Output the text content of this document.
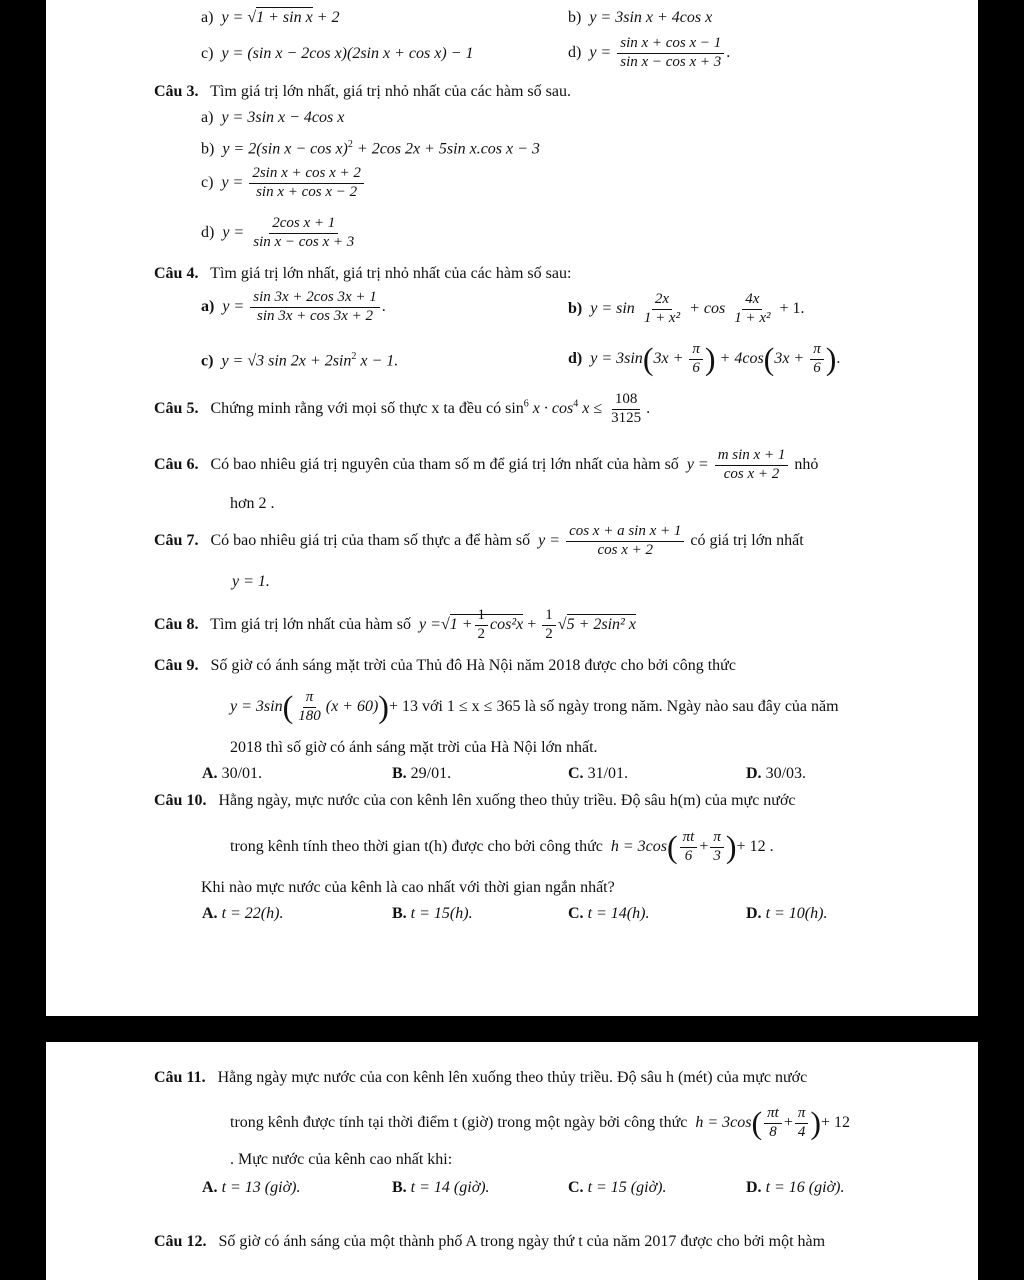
a) y = √1 + sin x + 2	b) y = 3sin x + 4cos x
c) y = (sin x − 2cos x)(2sin x + cos x) − 1	d) $y = \frac{\text{sin x + cos x − 1}}{\text{sin x − cos x + 3}}$ .
Câu 3. Tìm giá trị lớn nhất, giá trị nhỏ nhất của các hàm số sau.
a) y = 3sin x − 4cos x
b) y = 2(sin x − cos x)$^2$ + 2cos 2x + 5sin x.cos x − 3
c) $y = \frac{\text{2sin x + cos x + 2}}{\text{sin x + cos x − 2}}$
d) $y = \frac{\text{2cos x + 1}}{\text{sin x − cos x + 3}}$
Câu 4. Tìm giá trị lớn nhất, giá trị nhỏ nhất của các hàm số sau:
a) $y = \frac{\sin 3x + 2\cos 3x + 1}{\sin 3x + \cos 3x + 2}$ .	b) $y = \sin \frac{2x}{\text{1 + x²}} + \cos \frac{4x}{\text{1 + x²}} + 1$.
c) y = √3 $\sin 2x + 2\sin^2$ x − 1.	d) $y = 3\sin(3x + \frac{\pi}{6}$ ) + $4\cos(3x + \frac{\pi}{6}$ ).
Câu 5. Chứng minh rằng với mọi số thực x ta đều có $\sin^6 x \cdot \cos^4 x \le \frac{108}{3125}$ .
Câu 6. Có bao nhiêu giá trị nguyên của tham số m để giá trị lớn nhất của hàm số $y = \frac{\text{m sin x + 1}}{\text{cos x + 2}}$ nhỏ
hơn 2 .
Câu 7. Có bao nhiêu giá trị của tham số thực a để hàm số $y = \frac{\text{cos x + a sin x + 1}}{\text{cos x + 2}}$ có giá trị lớn nhất
y = 1.
Câu 8. Tìm giá trị lớn nhất của hàm số $y =√1 + \frac{1}{2} \cos^2x + \frac{1}{2} √5 + 2\sin^2$ x
Câu 9. Số giờ có ánh sáng mặt trời của Thủ đô Hà Nội năm 2018 được cho bởi công thức
$y = 3\sin( \frac{\pi}{180} (x + 60))+ 13$ với 1 ≤ x ≤ 365 là số ngày trong năm. Ngày nào sau đây của năm
2018 thì số giờ có ánh sáng mặt trời của Hà Nội lớn nhất.
A. 30/01.	B. 29/01.	C. 31/01.	D. 30/03.
Câu 10. Hằng ngày, mực nước của con kênh lên xuống theo thủy triều. Độ sâu h(m) của mực nước
trong kênh tính theo thời gian t(h) được cho bởi công thức $h = 3\cos( \frac{\pi t}{6} + \frac{\pi}{3}$ )+ 12 .
Khi nào mực nước của kênh là cao nhất với thời gian ngắn nhất?
A. t = 22(h).	B. t = 15(h).	C. t = 14(h).	D. t = 10(h).
Câu 11. Hằng ngày mực nước của con kênh lên xuống theo thủy triều. Độ sâu h (mét) của mực nước
trong kênh được tính tại thời điểm t (giờ) trong một ngày bởi công thức $h = 3\cos( \frac{\pi t}{8} + \frac{\pi}{4}$ )+ 12
. Mực nước của kênh cao nhất khi:
A. t = 13 (giờ).	B. t = 14 (giờ).	C. t = 15 (giờ).	D. t = 16 (giờ).
Câu 12. Số giờ có ánh sáng của một thành phố A trong ngày thứ t của năm 2017 được cho bởi một hàm
